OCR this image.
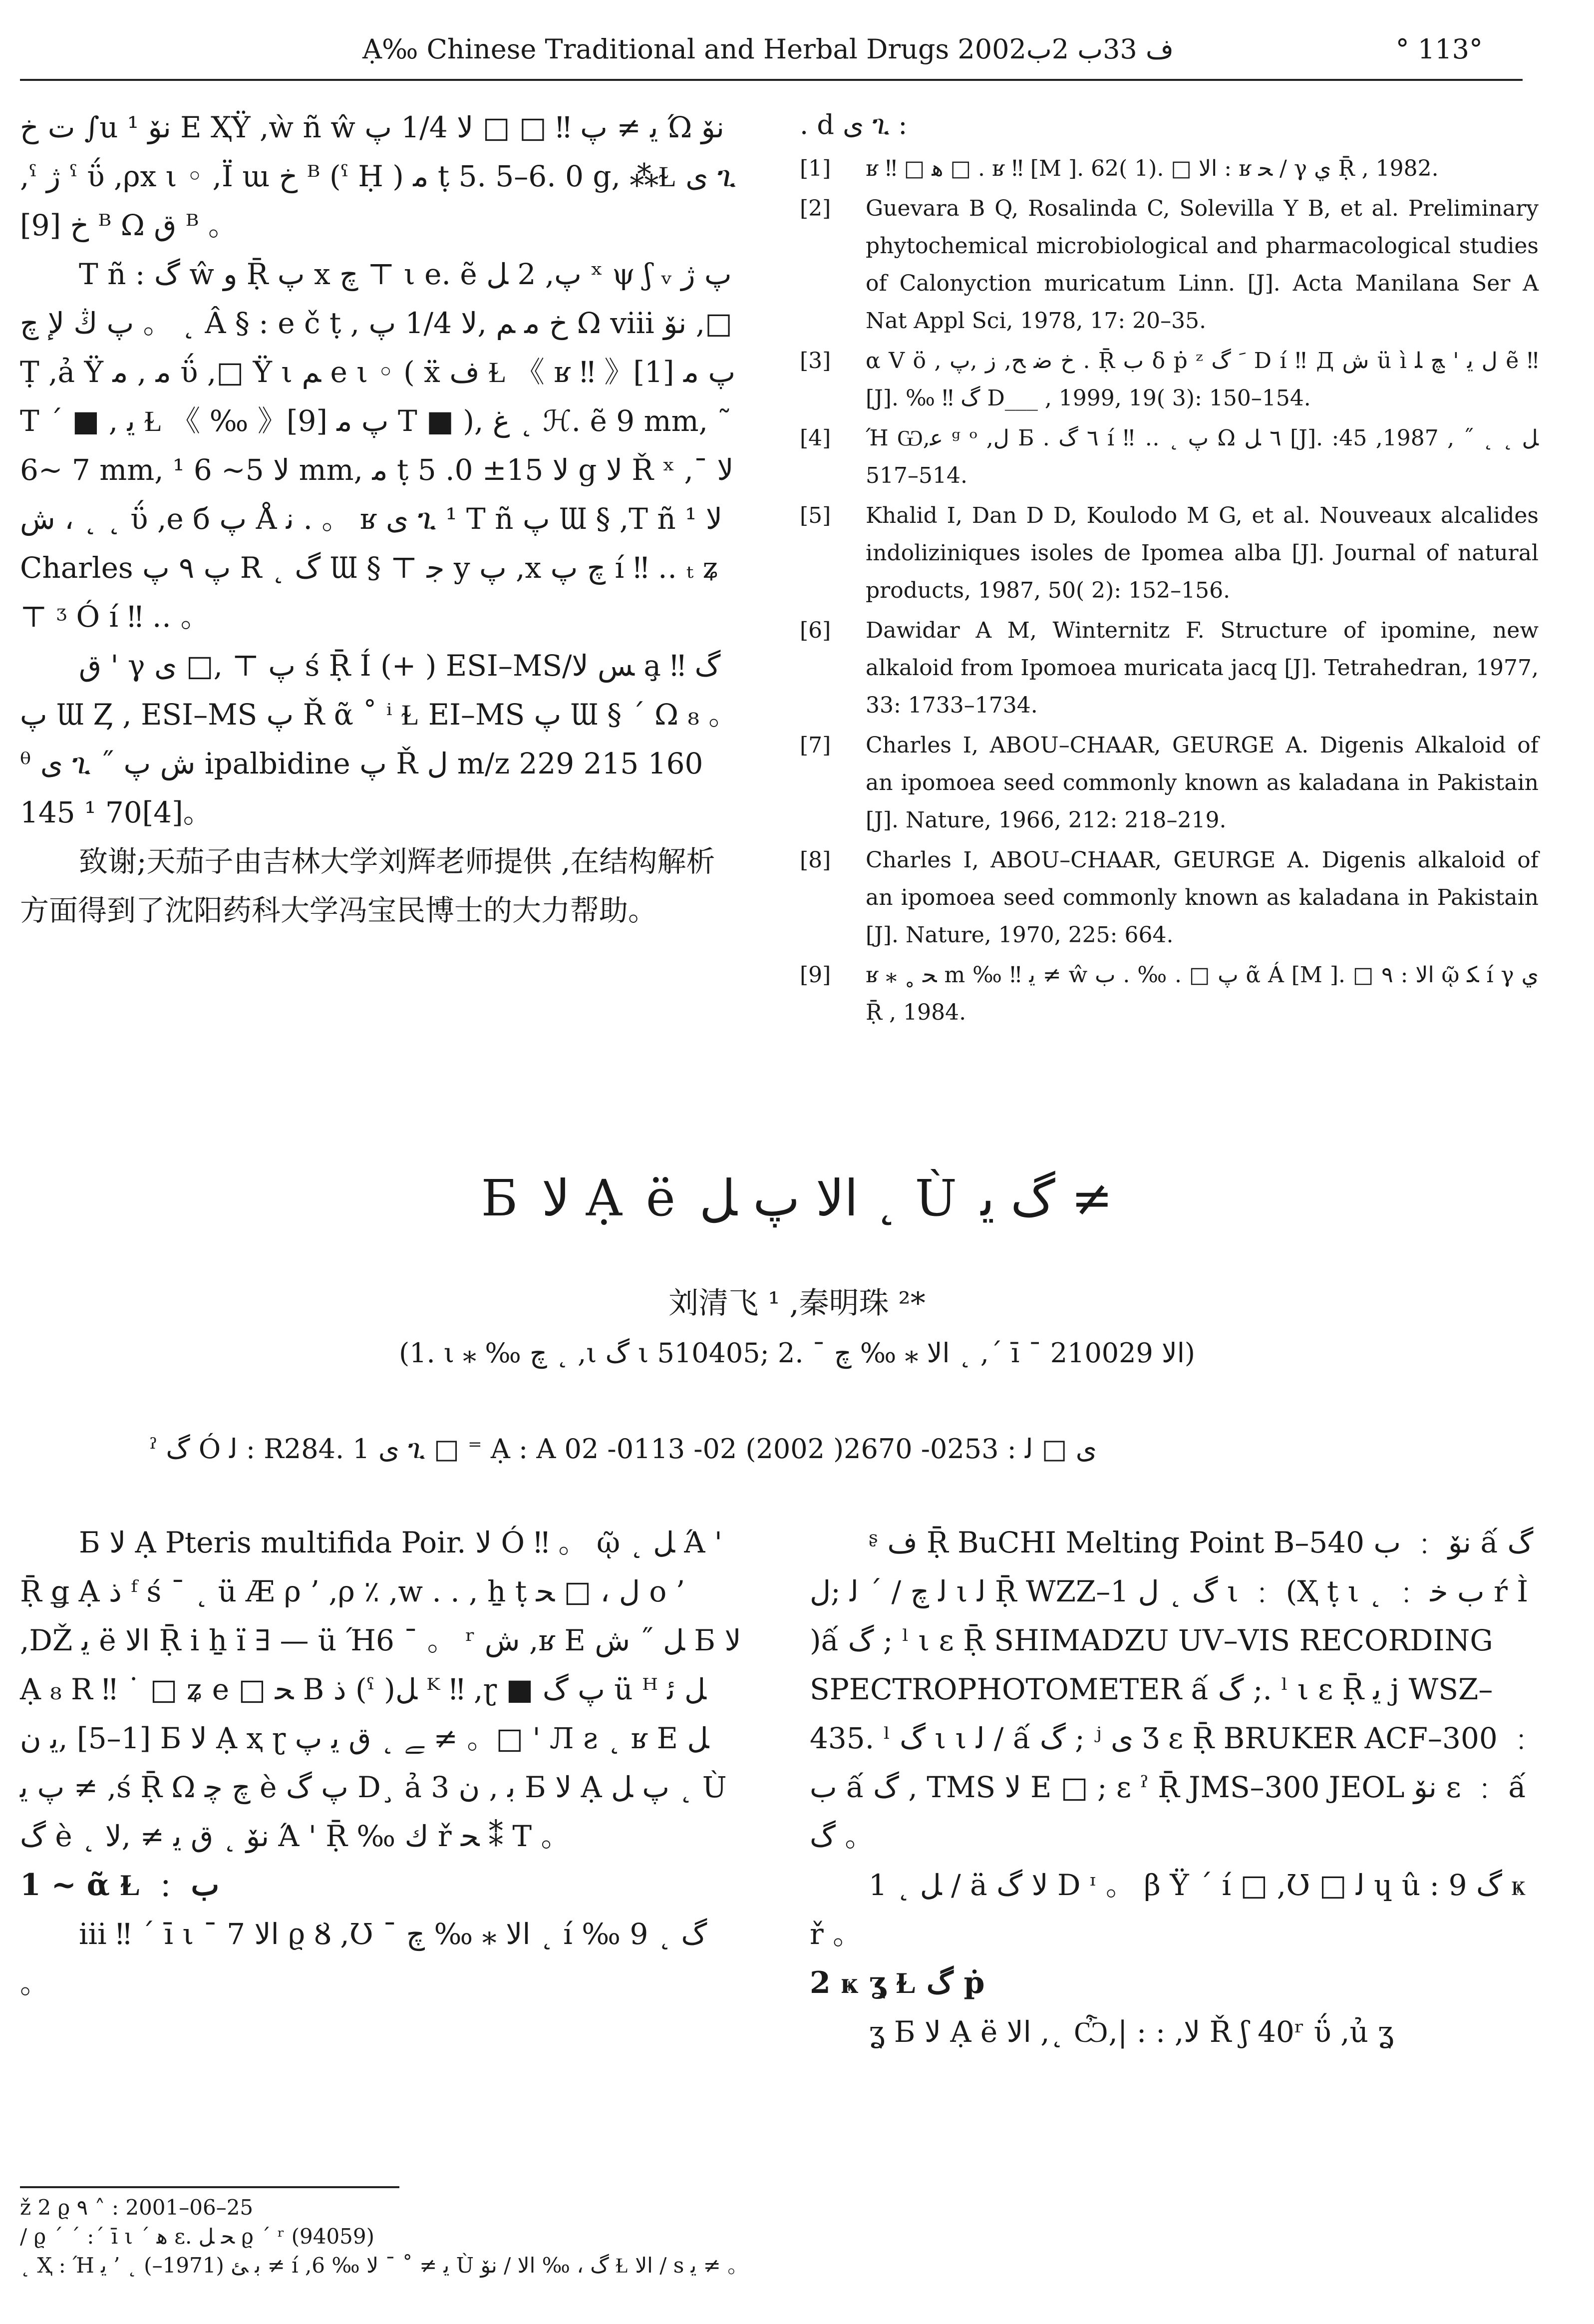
Ạ‰ Chinese Traditional and Herbal Drugs 2002ف 33ﺏ 2ﺏ	° 113°

ت خ ∫u ¹ نۆ E ҲŸ ,ẁ ñ ŵ ﻳ ≠ پ ‼ □ □ ﻻ 1/4 پ Ώ نۆ ,ˁ ژ ˁ ΰ ,ρx ι ◦ ,Ï ɯ خ ᴮ (ˁ Ḥ ) ﻣ ṭ 5. 5–6. 0 g, ⁂Ɫ ی ጊ [9] خ ᴮ Ω ق ᴮ 。

T ñ : گ ŵ و Ṝ پ x ﭺ ⊤ ι e. ẽ پ, 2 ﻞ ˣ ψ ʃ ᵥ پ ژ پ ڭ ﻹ ﭺ 。 ˛ Â § : e č ṭ , خ ﻣ ﻢ ,ﻻ 1/4 پ Ω viii نۆ ,□ Ṭ ,ả Ÿ ﻣ , ﻣ ΰ ,□ Ÿ ι ﻢ e ι ◦ ( ẍ ﻑ Ɫ 《 ʁ ‼ 》[1] پ ﻣ T ´ ■ , ﻳ Ɫ 《 ‰ 》[9] پ ﻣ T ■ ), ﻍ ˛ ℋ. ẽ 9 mm, ˜ 6~ 7 mm, ¹ ﻻ 5~ 6 mm, ﻣ ṭ ﻻ 15± 0. 5 g ﻻ Ř ˣ ,ﻻ ¯ ˛ ˛ ، ش ΰ ,e б پ Å ﻧ . 。 ʁ ی ጊ ¹ T ñ پ Ɯ § ,T ñ ¹ ﻻ Charles پ ٩ پ R ˛ گ Ɯ § ⊤ ﺟ y پ ,x ﭺ پ í ‼ ‥ ₜ ʑ ⊤ ᶾ Ó í ‼ ‥ 。

ق ' γ پ ⊤ ,□ ی ś Ṝ Í (+ ) ESI–MS/ﺲ ﻻ a̧ گ ‼ پ Ɯ Ȥ , ESI–MS پ Ř ᾶ ˚ ⁱ Ɫ EI–MS پ Ɯ § ´ Ω ₈ 。 ᶿ ی ጊ ˝ ش پ ipalbidine پ Ř ﻝ m/z 229 215 160 145 ¹ 70[4]。

致谢;天茄子由吉林大学刘辉老师提供 ,在结构解析方面得到了沈阳药科大学冯宝民博士的大力帮助。

. d ی ጊ :

[1]	ʁ ‼ □ ﻫ □ . ʁ ‼ [M ]. 62( 1). □ ﺍﻻ : ʁ ﺤ / γ ي Ṝ , 1982.
[2]	Guevara B Q, Rosalinda C, Solevilla Y B, et al. Preliminary phytochemical microbiological and pharmacological studies of Calonyction muricatum Linn. [J]. Acta Manilana Ser A Nat Appl Sci, 1978, 17: 20–35.
[3]	α V ö , خ ﺿ ﺢ, ﺯ ,پ . Ṝ ﺏ δ ṗ ᶻ ﹶ گ D í ‼ Д ﺵ ü ì ﻝ ﻳ ' ﭻ ﻠ ẽ ‼ [J]. ‰ ‼ گ D___ , 1999, 19( 3): 150–154.
[4]	Ή Ѡ,ﻋ ᵍ ᵒ ,ﻝ Б . ٦ گ í ‼ ‥ ˛ پ Ω ٦ ﻞ [J]. ﻞ ˛ ˛ ˝ , 1987, 45: 514–517.
[5]	Khalid I, Dan D D, Koulodo M G, et al. Nouveaux alcalides indoliziniques isoles de Ipomea alba [J]. Journal of natural products, 1987, 50( 2): 152–156.
[6]	Dawidar A M, Winternitz F. Structure of ipomine, new alkaloid from Ipomoea muricata jacq [J]. Tetrahedran, 1977, 33: 1733–1734.
[7]	Charles I, ABOU–CHAAR, GEURGE A. Digenis Alkaloid of an ipomoea seed commonly known as kaladana in Pakistain [J]. Nature, 1966, 212: 218–219.
[8]	Charles I, ABOU–CHAAR, GEURGE A. Digenis alkaloid of an ipomoea seed commonly known as kaladana in Pakistain [J]. Nature, 1970, 225: 664.
[9]	ʁ ⁎ ˳ ﺤ m ‰ ‼ ﻳ ≠ ŵ پ □ . ‰ . ﺏ ᾶ Á [M ]. □ ﺍﻻ : ٩ ῷ ﻜ í γ ي Ṝ , 1984.
Б ﻻ Ạ ë ﺍﻻ پ ﻞ ˛ Ù گ ﻳ ≠
刘清飞 ¹ ,秦明珠 ²*
(1. ι ⁎ ‰ ﭺ ˛ ,ι گ ι 510405; 2. ¯ ﺍﻻ ⁎ ‰ ﭺ ˛ ,´ ī ¯ ﺍﻻ 210029)
ˀ گ Ó ﻟ : R284. 1 ی ጊ □ ⁼ Ạ : A ی □ ﻟ : 0253- 2670( 2002) 02- 0113- 02

Б ﻻ Ạ Pteris multifida Poir. ﻻ Ó ‼ 。 ῷ ˛ ﻞ Ά ' Ṝ ǥ Ạ ﺫ ᶠ ś ¯ ˛ ü Æ ρ ’ ,ρ ٪ ,w . . , ẖ ṭ ﻝ ، □ ﺤ o ’ ,Ǆ ﻳ ë ﺍﻻ Ṝ i ẖ ï ∃ — ü Ή6 ¯ 。 ʳ ﺵ ,ʁ E ﻞ ˝ ش Б ﻻ Ạ ₈ R ‼ ˙ □ ʑ e □ ﺤ B ﺫ (ˁ )ﻞ ᴷ ‼ ,ɽ ■ پ گ ü ᴴ ﻞ ﺋ [1–5] ,ﻳ ﻥ Б ﻻ Ạ ҳ ɽ ﮯ ˛ ﻕ ﻳ پ ≠ 。□ ' Л ƨ ˛ ʁ E ﻞ پ ﻳ ≠ ,ś Ṝ Ω ﭺ ﭼ è پ گ D¸ ả 3 ﺑ , ﻥ Б ﻻ Ạ پ ﻞ ˛ Ù گ è ˛ نۆ ˛ ﻕ ﻳ ≠ ,ﻻ Ά ' Ṝ ‰ ﻙ ř ﺤ ⁑ T 。

1 ~ ᾶ Ɫ ﹕ ب

iii ‼ ´ ī ι ¯ ﺍﻻ 7 ϱ Ȣ ,Ʊ ¯ ﺍﻻ ⁎ ‰ ﭺ ˛ í ‰ 9 ˛ گ 。

ᶳ ﻑ Ṝ BuCHI Melting Point B–540 نۆ ﹕ ﺏ ấ گ ﻟ ﭺ / ´ ﻟ ;ﻝ ι ﻟ Ṝ WZZ–1 گ ˛ ﻝ ι ﹕ (Ҳ ṭ ι ˛ ﹕ ﺏ ﺧ ŕ Ì )ấ گ ; ˡ ι ɛ Ṝ SHIMADZU UV–VIS RECORDING SPECTROPHOTOMETER ấ گ ;. ˡ ι ɛ Ṝ ﻳ j WSZ–435. ˡ گ ι ι ﻟ / ấ گ ; ʲ ی Ʒ ɛ Ṝ BRUKER ACF–300 ﹕ ﺏ ấ گ , TMS ﻻ E □ ; ɛ ˀ Ṝ JMS–300 JEOL نۆ ɛ ﹕ ấ گ 。

ﻞ ˛ 1 / ä ﻻ گ D ᶦ 。 β Ÿ ´ í □ ,Ʊ □ ﻟ ɥ û : ﮒ 9 ҝ ř 。

2 ҝ ʓ Ɫ ﮒ ṗ

ʓ Б ﻻ Ạ ë ﺍﻻ ,˛ Ѽ,| : : ,ﻻ Ř ʃ 40ʳ ΰ ,ủ ʓ

ž 2 ϱ ٩ ˄ : 2001–06–25

/ ϱ ´ ´ :´ ī ι ´ ﻫ ɛ. ﺤ ﻞ ϱ ´ ʳ (94059)

˛ Ҳ : Ή ﺑ ﺊ (1971–) ˛ ’ ﻳ ≠ í ,ﻳ ≠ ˚ ¯ ﻻ ‰ 6 Ù گ ، ‰ ﺍﻻ / نۆ Ɫ ﺍﻻ / s ﻳ ≠ 。
